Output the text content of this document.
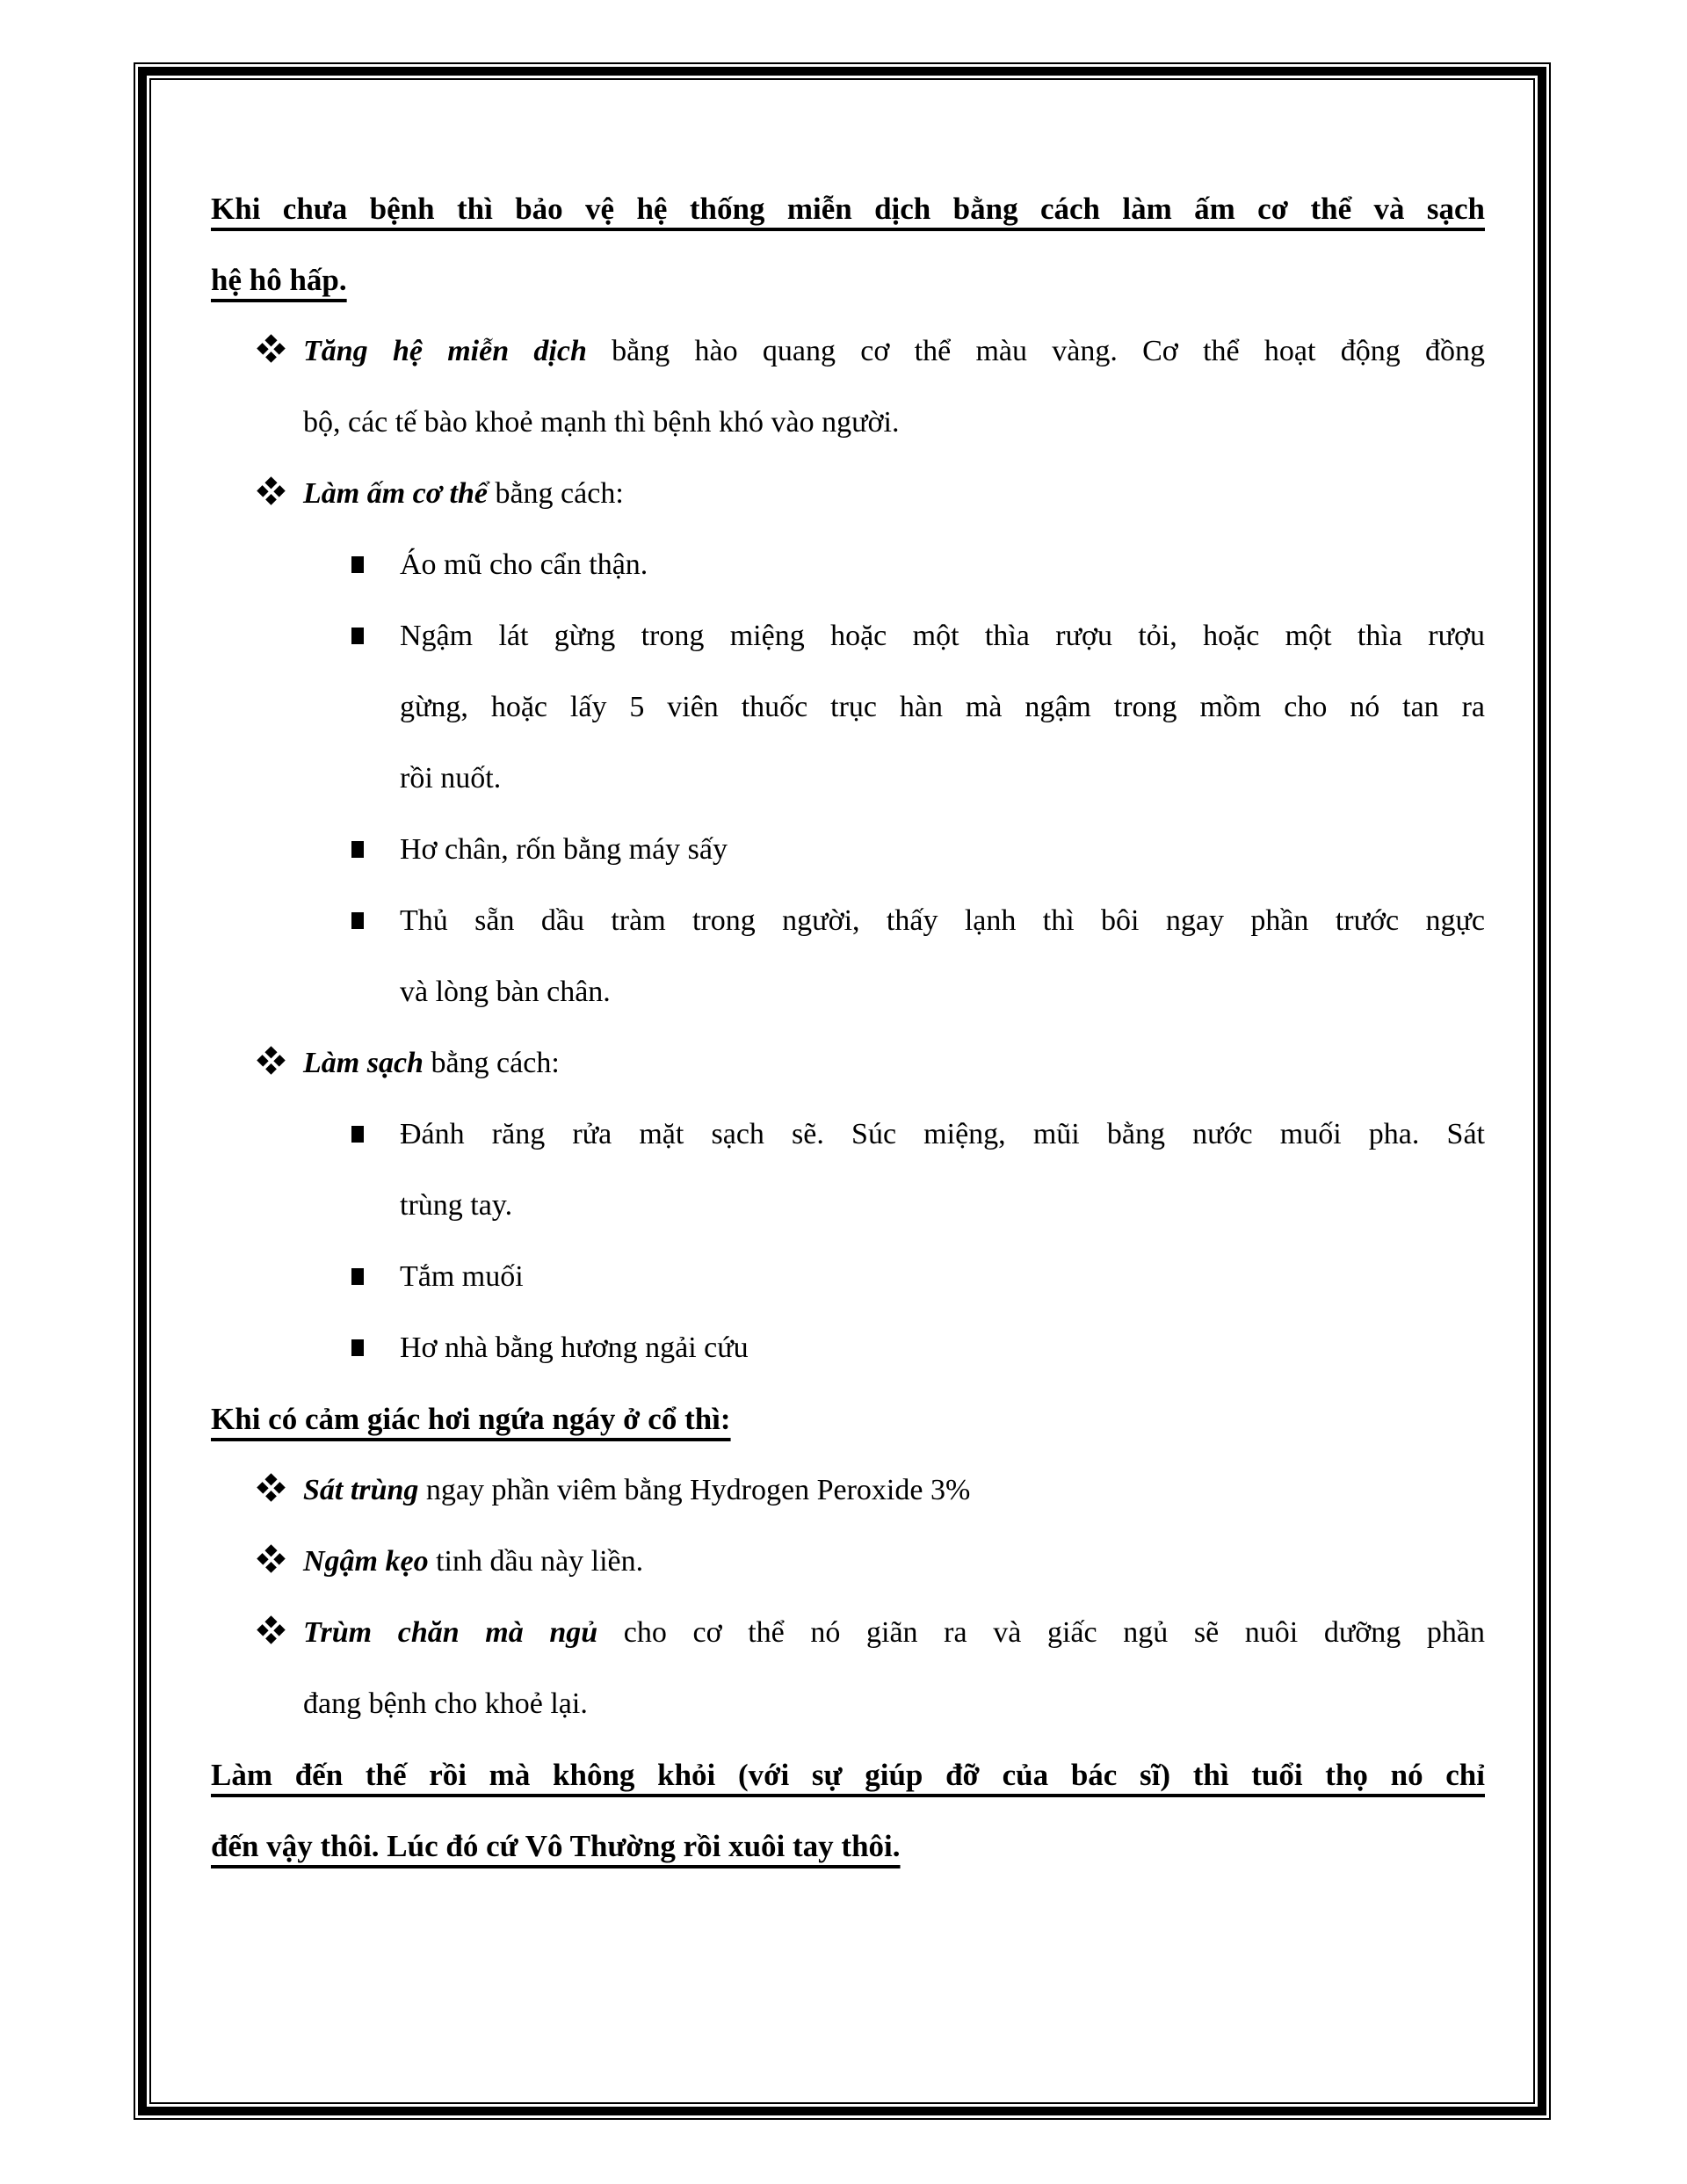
Khi chưa bệnh thì bảo vệ hệ thống miễn dịch bằng cách làm ấm cơ thể và sạch
hệ hô hấp.
Tăng hệ miễn dịch bằng hào quang cơ thể màu vàng. Cơ thể hoạt động đồng
bộ, các tế bào khoẻ mạnh thì bệnh khó vào người.
Làm ấm cơ thể bằng cách:
Áo mũ cho cẩn thận.
Ngậm lát gừng trong miệng hoặc một thìa rượu tỏi, hoặc một thìa rượu
gừng, hoặc lấy 5 viên thuốc trục hàn mà ngậm trong mồm cho nó tan ra
rồi nuốt.
Hơ chân, rốn bằng máy sấy
Thủ sẵn dầu tràm trong người, thấy lạnh thì bôi ngay phần trước ngực
và lòng bàn chân.
Làm sạch bằng cách:
Đánh răng rửa mặt sạch sẽ. Súc miệng, mũi bằng nước muối pha. Sát
trùng tay.
Tắm muối
Hơ nhà bằng hương ngải cứu
Khi có cảm giác hơi ngứa ngáy ở cổ thì:
Sát trùng ngay phần viêm bằng Hydrogen Peroxide 3%
Ngậm kẹo tinh dầu này liền.
Trùm chăn mà ngủ cho cơ thể nó giãn ra và giấc ngủ sẽ nuôi dưỡng phần
đang bệnh cho khoẻ lại.
Làm đến thế rồi mà không khỏi (với sự giúp đỡ của bác sĩ) thì tuổi thọ nó chỉ
đến vậy thôi. Lúc đó cứ Vô Thường rồi xuôi tay thôi.
